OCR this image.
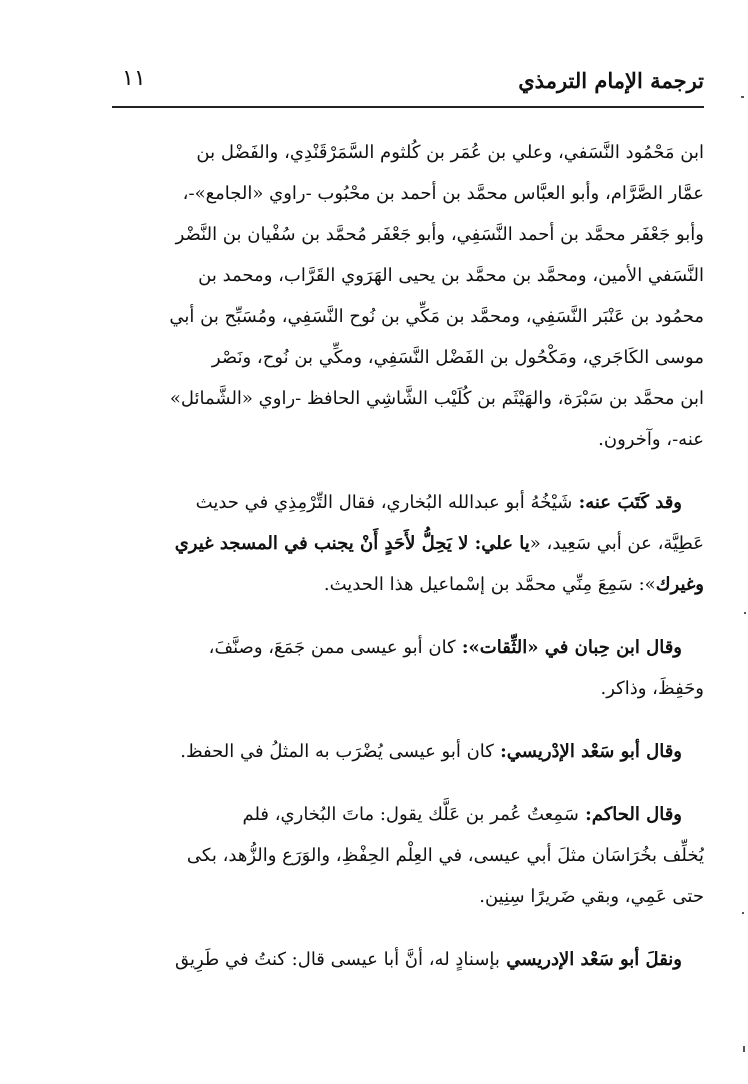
ترجمة الإمام الترمذي
١١

ابن مَحْمُود النَّسَفي، وعلي بن عُمَر بن كُلثوم السَّمَرْقَنْدِي، والفَضْل بن
عمَّار الصَّرَّام، وأبو العبَّاس محمَّد بن أحمد بن محْبُوب -راوي «الجامع»-،
وأبو جَعْفَر محمَّد بن أحمد النَّسَفِي، وأبو جَعْفَر مُحمَّد بن سُفْيان بن النَّضْر
النَّسَفي الأمين، ومحمَّد بن محمَّد بن يحيى الهَرَوي القَرَّاب، ومحمد بن
محمُود بن عَنْبَر النَّسَفِي، ومحمَّد بن مَكِّي بن نُوح النَّسَفِي، ومُسَبِّح بن أبي
موسى الكَاجَري، ومَكْحُول بن الفَضْل النَّسَفِي، ومكِّي بن نُوح، ونَصْر
ابن محمَّد بن سَبْرَة، والهَيْثَم بن كُلَيْب الشَّاشِي الحافظ -راوي «الشَّمائل»
عنه-، وآخرون.

وقد كَتَبَ عنه: شَيْخُهُ أبو عبدالله البُخاري، فقال التِّرْمِذِي في حديث
عَطِيَّة، عن أبي سَعِيد، «يا علي: لا يَحِلُّ لأَحَدٍ أَنْ يجنب في المسجد غيري
وغيرك»: سَمِعَ مِنِّي محمَّد بن إسْماعيل هذا الحديث.

وقال ابن حِبان في «الثِّقات»: كان أبو عيسى ممن جَمَعَ، وصنَّفَ،
وحَفِظَ، وذاكر.

وقال أبو سَعْد الإدْريسي: كان أبو عيسى يُضْرَب به المثلُ في الحفظ.

وقال الحاكم: سَمِعتُ عُمر بن عَلَّك يقول: ماتَ البُخاري، فلم
يُخلِّف بخُرَاسَان مثلَ أبي عيسى، في العِلْم الحِفْظِ، والوَرَع والزُّهد، بكى
حتى عَمِي، وبقي ضَريرًا سِنِين.

ونقلَ أبو سَعْد الإدريسي بإسنادٍ له، أنَّ أبا عيسى قال: كنتُ في طَرِيق
